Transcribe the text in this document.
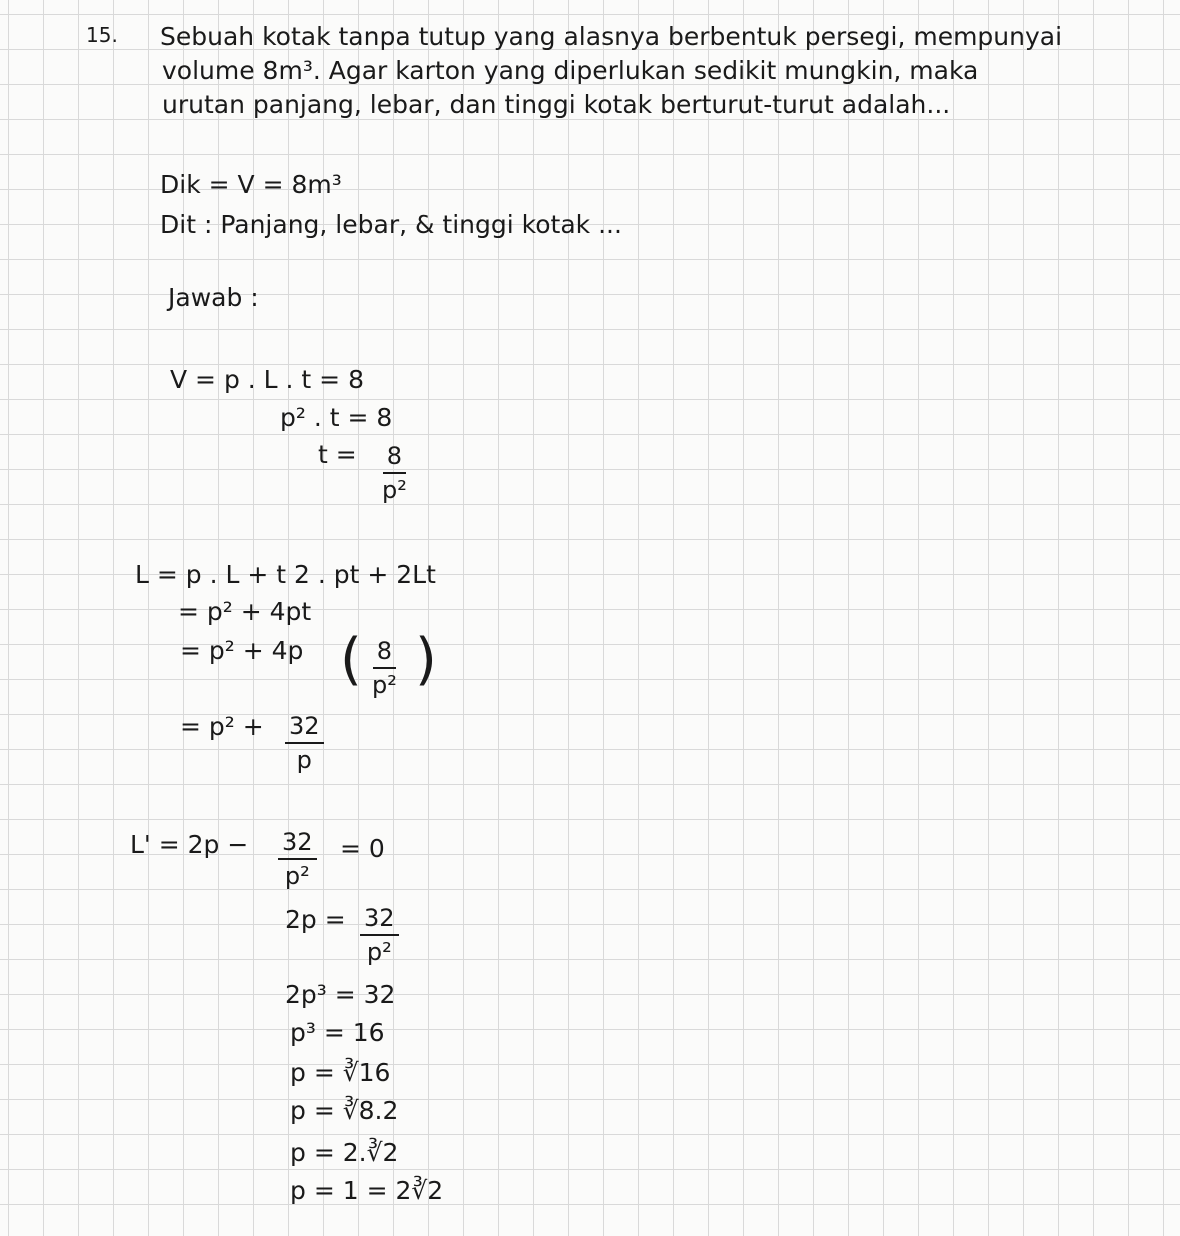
15. Sebuah kotak tanpa tutup yang alasnya berbentuk persegi, mempunyai
volume 8m³. Agar karton yang diperlukan sedikit mungkin, maka
urutan panjang, lebar, dan tinggi kotak berturut-turut adalah...
Dik = V = 8m³
Dit : Panjang, lebar, & tinggi kotak ...
Jawab :
V = p . L . t = 8
p² . t = 8
$t = \frac{8}{\text{p²}}$
L = p . L + t 2 . pt + 2Lt
= p² + 4pt
= p² + 4p ( $\frac{8}{\text{p²}}$ )
= $p^2 + \frac{32}{p}$
$L' = 2p - \frac{32}{\text{p²}} = 0$
$2p = \frac{32}{\text{p²}}$
2p³ = 32
p³ = 16
p = ∛16
p = ∛8.2
p = 2.∛2
p = 1 = 2∛2
